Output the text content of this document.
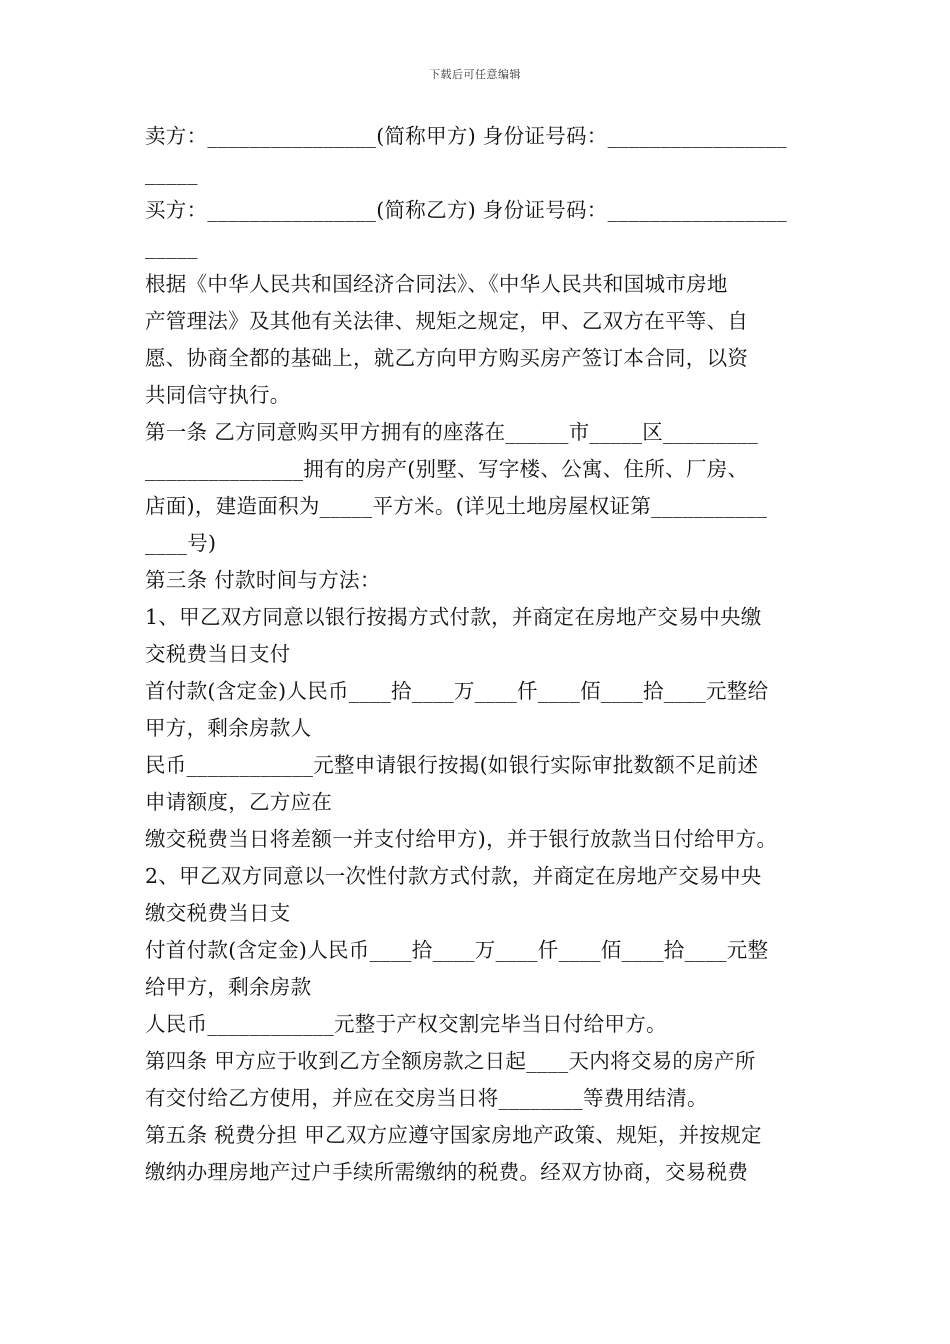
下载后可任意编辑
卖方：________________(简称甲方) 身份证号码：_________________
_____
买方：________________(简称乙方) 身份证号码：_________________
_____
根据《中华人民共和国经济合同法》、《中华人民共和国城市房地
产管理法》及其他有关法律、规矩之规定，甲、乙双方在平等、自
愿、协商全都的基础上，就乙方向甲方购买房产签订本合同，以资
共同信守执行。
第一条 乙方同意购买甲方拥有的座落在______市_____区_________
_______________拥有的房产(别墅、写字楼、公寓、住所、厂房、
店面)，建造面积为_____平方米。(详见土地房屋权证第___________
____号)
第三条 付款时间与方法：
1、甲乙双方同意以银行按揭方式付款，并商定在房地产交易中央缴
交税费当日支付
首付款(含定金)人民币____拾____万____仟____佰____拾____元整给
甲方，剩余房款人
民币____________元整申请银行按揭(如银行实际审批数额不足前述
申请额度，乙方应在
缴交税费当日将差额一并支付给甲方)，并于银行放款当日付给甲方。
2、甲乙双方同意以一次性付款方式付款，并商定在房地产交易中央
缴交税费当日支
付首付款(含定金)人民币____拾____万____仟____佰____拾____元整
给甲方，剩余房款
人民币____________元整于产权交割完毕当日付给甲方。
第四条 甲方应于收到乙方全额房款之日起____天内将交易的房产所
有交付给乙方使用，并应在交房当日将________等费用结清。
第五条 税费分担 甲乙双方应遵守国家房地产政策、规矩，并按规定
缴纳办理房地产过户手续所需缴纳的税费。经双方协商，交易税费
